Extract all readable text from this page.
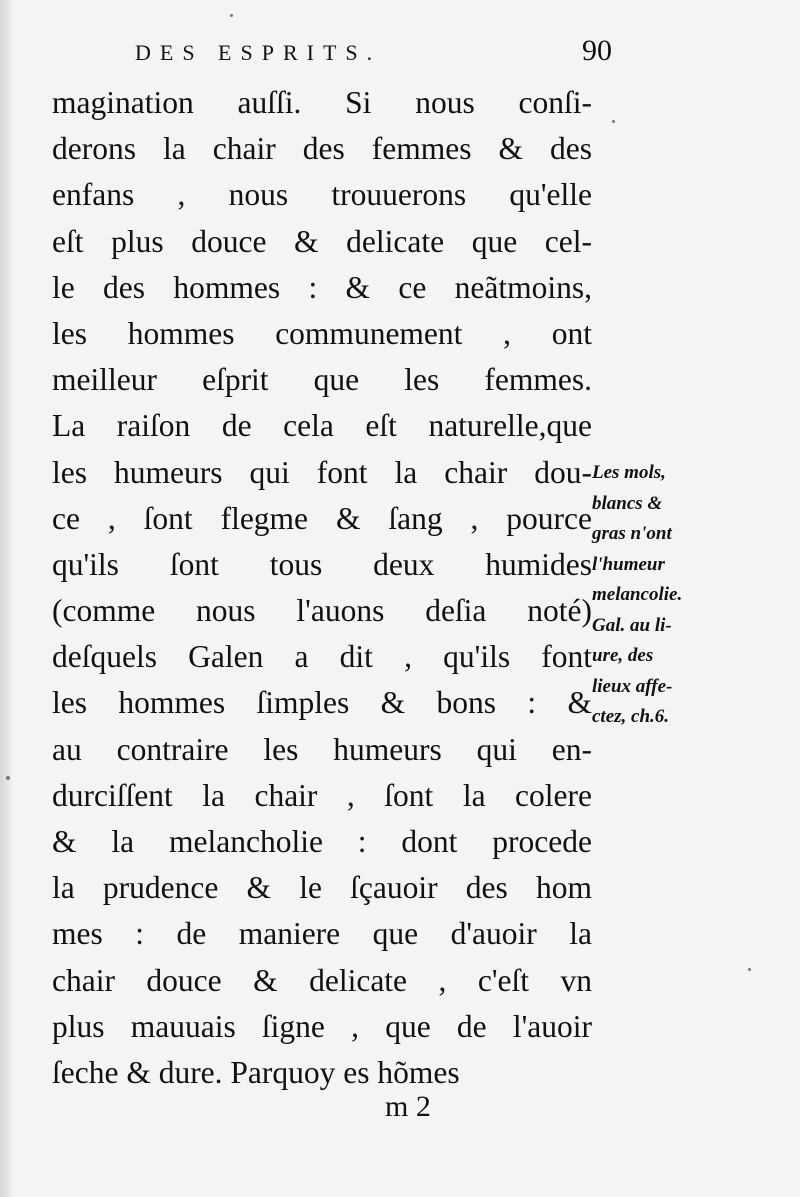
DES ESPRITS.	90
maginatіon auſſi. Si nous conſi-
derons la chair des femmes & des
enfans , nous trouuerons qu'elle
eſt plus douce & delicate que cel-
le des hommes : & ce neãtmoins,
les hommes communement , ont
meilleur eſprit que les femmes.
La raiſon de cela eſt naturelle,que
les humeurs qui font la chair dou-
ce , ſont flegme & ſang , pource
qu'ils ſont tous deux humides
(comme nous l'auons deſia noté)
deſquels Galen a dit , qu'ils font
les hommes ſimples & bons : &
au contraire les humeurs qui en-
durciſſent la chair , ſont la colere
& la melancholie : dont procede
la prudence & le ſçauoir des hom
mes : de maniere que d'auoir la
chair douce & delicate , c'eſt vn
plus mauuais ſigne , que de l'auoir
ſeche & dure. Parquoy es hõmes
Les mols,
blancs &
gras n'ont
l'humeur
melancolie.
Gal. au li-
ure, des
lieux affe-
ctez, ch.6.
m 2
